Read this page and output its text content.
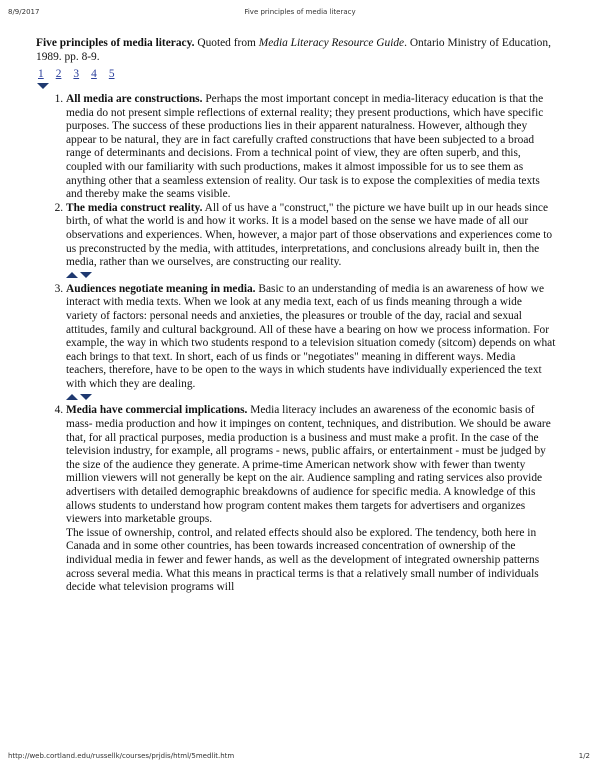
8/9/2017	Five principles of media literacy

Five principles of media literacy. Quoted from Media Literacy Resource Guide. Ontario Ministry of Education, 1989. pp. 8-9.

1 2 3 4 5
1. All media are constructions. Perhaps the most important concept in media-literacy education is that the media do not present simple reflections of external reality; they present productions, which have specific purposes. The success of these productions lies in their apparent naturalness. However, although they appear to be natural, they are in fact carefully crafted constructions that have been subjected to a broad range of determinants and decisions. From a technical point of view, they are often superb, and this, coupled with our familiarity with such productions, makes it almost impossible for us to see them as anything other that a seamless extension of reality. Our task is to expose the complexities of media texts and thereby make the seams visible.
2. The media construct reality. All of us have a "construct," the picture we have built up in our heads since birth, of what the world is and how it works. It is a model based on the sense we have made of all our observations and experiences. When, however, a major part of those observations and experiences come to us preconstructed by the media, with attitudes, interpretations, and conclusions already built in, then the media, rather than we ourselves, are constructing our reality.
3. Audiences negotiate meaning in media. Basic to an understanding of media is an awareness of how we interact with media texts. When we look at any media text, each of us finds meaning through a wide variety of factors: personal needs and anxieties, the pleasures or trouble of the day, racial and sexual attitudes, family and cultural background. All of these have a bearing on how we process information. For example, the way in which two students respond to a television situation comedy (sitcom) depends on what each brings to that text. In short, each of us finds or "negotiates" meaning in different ways. Media teachers, therefore, have to be open to the ways in which students have individually experienced the text with which they are dealing.
4. Media have commercial implications. Media literacy includes an awareness of the economic basis of mass- media production and how it impinges on content, techniques, and distribution. We should be aware that, for all practical purposes, media production is a business and must make a profit. In the case of the television industry, for example, all programs - news, public affairs, or entertainment - must be judged by the size of the audience they generate. A prime-time American network show with fewer than twenty million viewers will not generally be kept on the air. Audience sampling and rating services also provide advertisers with detailed demographic breakdowns of audience for specific media. A knowledge of this allows students to understand how program content makes them targets for advertisers and organizes viewers into marketable groups.

The issue of ownership, control, and related effects should also be explored. The tendency, both here in Canada and in some other countries, has been towards increased concentration of ownership of the individual media in fewer and fewer hands, as well as the development of integrated ownership patterns across several media. What this means in practical terms is that a relatively small number of individuals decide what television programs will

http://web.cortland.edu/russellk/courses/prjdis/html/5medlit.htm	1/2
